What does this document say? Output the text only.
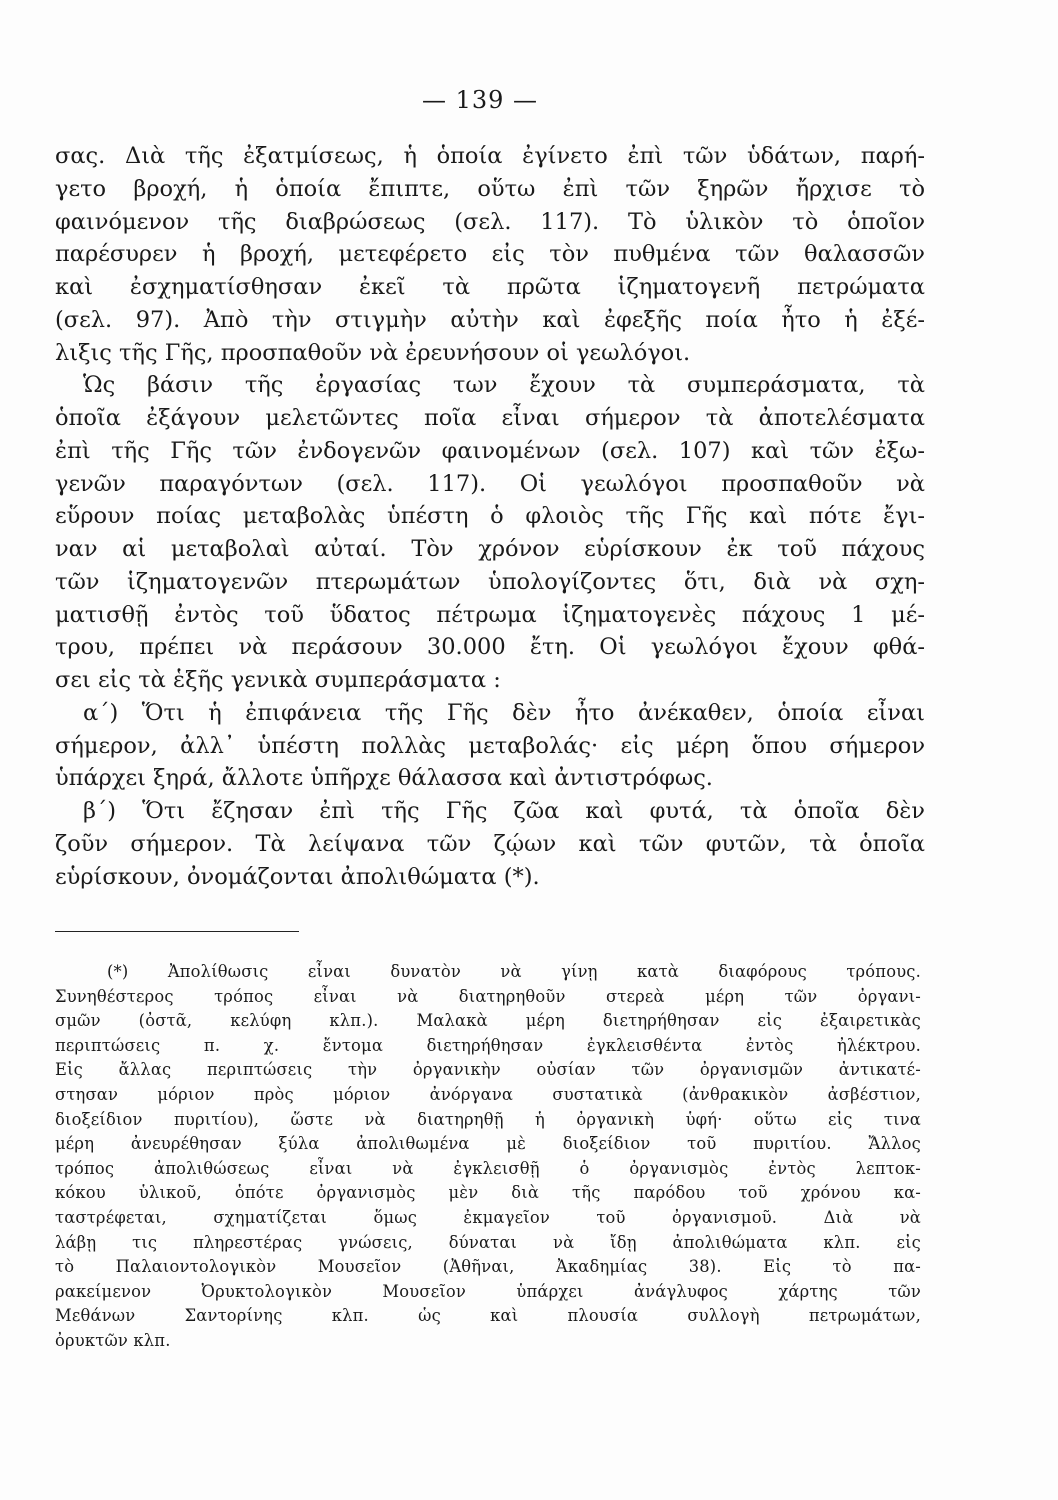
— 139 —
σας. Διὰ τῆς ἐξατμίσεως, ἡ ὁποία ἐγίνετο ἐπὶ τῶν ὑδάτων, παρή-
γετο βροχή, ἡ ὁποία ἔπιπτε, οὕτω ἐπὶ τῶν ξηρῶν ἤρχισε τὸ
φαινόμενον τῆς διαβρώσεως (σελ. 117). Τὸ ὑλικὸν τὸ ὁποῖον
παρέσυρεν ἡ βροχή, μετεφέρετο εἰς τὸν πυθμένα τῶν θαλασσῶν
καὶ ἐσχηματίσθησαν ἐκεῖ τὰ πρῶτα ἱζηματογενῆ πετρώματα
(σελ. 97). Ἀπὸ τὴν στιγμὴν αὐτὴν καὶ ἐφεξῆς ποία ἦτο ἡ ἐξέ-
λιξις τῆς Γῆς, προσπαθοῦν νὰ ἐρευνήσουν οἱ γεωλόγοι.
Ὡς βάσιν τῆς ἐργασίας των ἔχουν τὰ συμπεράσματα, τὰ
ὁποῖα ἐξάγουν μελετῶντες ποῖα εἶναι σήμερον τὰ ἀποτελέσματα
ἐπὶ τῆς Γῆς τῶν ἐνδογενῶν φαινομένων (σελ. 107) καὶ τῶν ἐξω-
γενῶν παραγόντων (σελ. 117). Οἱ γεωλόγοι προσπαθοῦν νὰ
εὕρουν ποίας μεταβολὰς ὑπέστη ὁ φλοιὸς τῆς Γῆς καὶ πότε ἔγι-
ναν αἱ μεταβολαὶ αὐταί. Τὸν χρόνον εὑρίσκουν ἐκ τοῦ πάχους
τῶν ἱζηματογενῶν πτερωμάτων ὑπολογίζοντες ὅτι, διὰ νὰ σχη-
ματισθῇ ἐντὸς τοῦ ὕδατος πέτρωμα ἱζηματογενὲς πάχους 1 μέ-
τρου, πρέπει νὰ περάσουν 30.000 ἔτη. Οἱ γεωλόγοι ἔχουν φθά-
σει εἰς τὰ ἑξῆς γενικὰ συμπεράσματα :
α΄) Ὅτι ἡ ἐπιφάνεια τῆς Γῆς δὲν ἦτο ἀνέκαθεν, ὁποία εἶναι
σήμερον, ἀλλ᾽ ὑπέστη πολλὰς μεταβολάς· εἰς μέρη ὅπου σήμερον
ὑπάρχει ξηρά, ἄλλοτε ὑπῆρχε θάλασσα καὶ ἀντιστρόφως.
β΄) Ὅτι ἔζησαν ἐπὶ τῆς Γῆς ζῶα καὶ φυτά, τὰ ὁποῖα δὲν
ζοῦν σήμερον. Τὰ λείψανα τῶν ζῴων καὶ τῶν φυτῶν, τὰ ὁποῖα
εὑρίσκουν, ὀνομάζονται ἀπολιθώματα (*).
(*) Ἀπολίθωσις εἶναι δυνατὸν νὰ γίνῃ κατὰ διαφόρους τρόπους.
Συνηθέστερος τρόπος εἶναι νὰ διατηρηθοῦν στερεὰ μέρη τῶν ὀργανι-
σμῶν (ὀστᾶ, κελύφη κλπ.). Μαλακὰ μέρη διετηρήθησαν εἰς ἐξαιρετικὰς
περιπτώσεις π. χ. ἔντομα διετηρήθησαν ἐγκλεισθέντα ἐντὸς ἠλέκτρου.
Εἰς ἄλλας περιπτώσεις τὴν ὀργανικὴν οὐσίαν τῶν ὀργανισμῶν ἀντικατέ-
στησαν μόριον πρὸς μόριον ἀνόργανα συστατικὰ (ἀνθρακικὸν ἀσβέστιον,
διοξείδιον πυριτίου), ὥστε νὰ διατηρηθῇ ἡ ὀργανικὴ ὑφή· οὕτω εἰς τινα
μέρη ἀνευρέθησαν ξύλα ἀπολιθωμένα μὲ διοξείδιον τοῦ πυριτίου. Ἄλλος
τρόπος ἀπολιθώσεως εἶναι νὰ ἐγκλεισθῇ ὁ ὀργανισμὸς ἐντὸς λεπτοκ-
κόκου ὑλικοῦ, ὁπότε ὀργανισμὸς μὲν διὰ τῆς παρόδου τοῦ χρόνου κα-
ταστρέφεται, σχηματίζεται ὅμως ἐκμαγεῖον τοῦ ὀργανισμοῦ. Διὰ νὰ
λάβῃ τις πληρεστέρας γνώσεις, δύναται νὰ ἴδῃ ἀπολιθώματα κλπ. εἰς
τὸ Παλαιοντολογικὸν Μουσεῖον (Ἀθῆναι, Ἀκαδημίας 38). Εἰς τὸ πα-
ρακείμενον Ὀρυκτολογικὸν Μουσεῖον ὑπάρχει ἀνάγλυφος χάρτης τῶν
Μεθάνων Σαντορίνης κλπ. ὡς καὶ πλουσία συλλογὴ πετρωμάτων,
ὀρυκτῶν κλπ.
